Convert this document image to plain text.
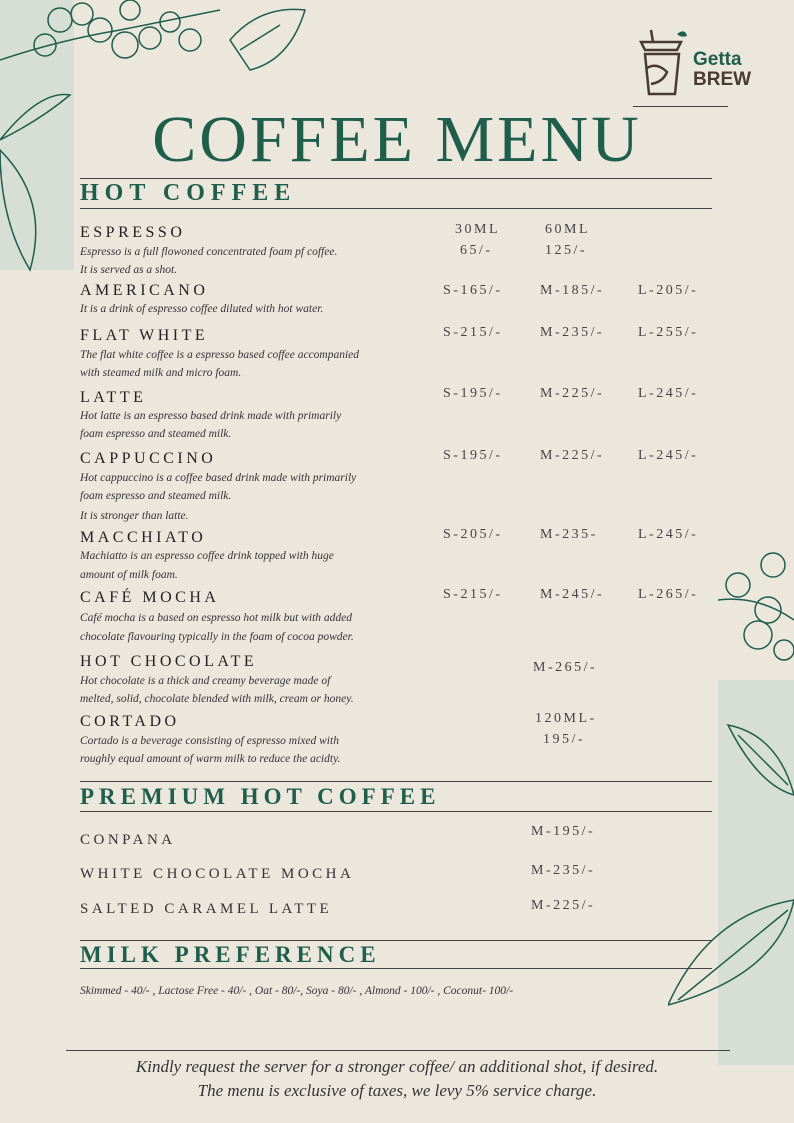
Getta
BREW
COFFEE MENU
HOT COFFEE

ESPRESSO

Espresso is a full flowoned concentrated foam pf coffee.

It is served as a shot.

30ML	60ML

65/-	125/-

AMERICANO

It is a drink of espresso coffee diluted with hot water.

S-165/-	M-185/- L-205/-

FLAT WHITE

The flat white coffee is a espresso based coffee accompanied

with steamed milk and micro foam.

S-215/-	M-235/- L-255/-

LATTE

Hot latte is an espresso based drink made with primarily

foam espresso and steamed milk.

S-195/-	M-225/- L-245/-

CAPPUCCINO

Hot cappuccino is a coffee based drink made with primarily

foam espresso and steamed milk.

It is stronger than latte.

S-195/-	M-225/- L-245/-

MACCHIATO

Machiatto is an espresso coffee drink topped with huge

amount of milk foam.

S-205/-	M-235-	L-245/-

CAFÉ MOCHA

Café mocha is a based on espresso hot milk but with added

chocolate flavouring typically in the foam of cocoa powder.

S-215/-	M-245/- L-265/-

HOT CHOCOLATE

Hot chocolate is a thick and creamy beverage made of

melted, solid, chocolate blended with milk, cream or honey.

M-265/-

CORTADO

Cortado is a beverage consisting of espresso mixed with

roughly equal amount of warm milk to reduce the acidty.

120ML-

195/-

PREMIUM HOT COFFEE

CONPANA

M-195/-

WHITE CHOCOLATE MOCHA	M-235/-

SALTED CARAMEL LATTE	M-225/-

MILK PREFERENCE
Skimmed - 40/- , Lactose Free - 40/- , Oat - 80/-, Soya - 80/- , Almond - 100/- , Coconut- 100/-
Kindly request the server for a stronger coffee/ an additional shot, if desired.
The menu is exclusive of taxes, we levy 5% service charge.
